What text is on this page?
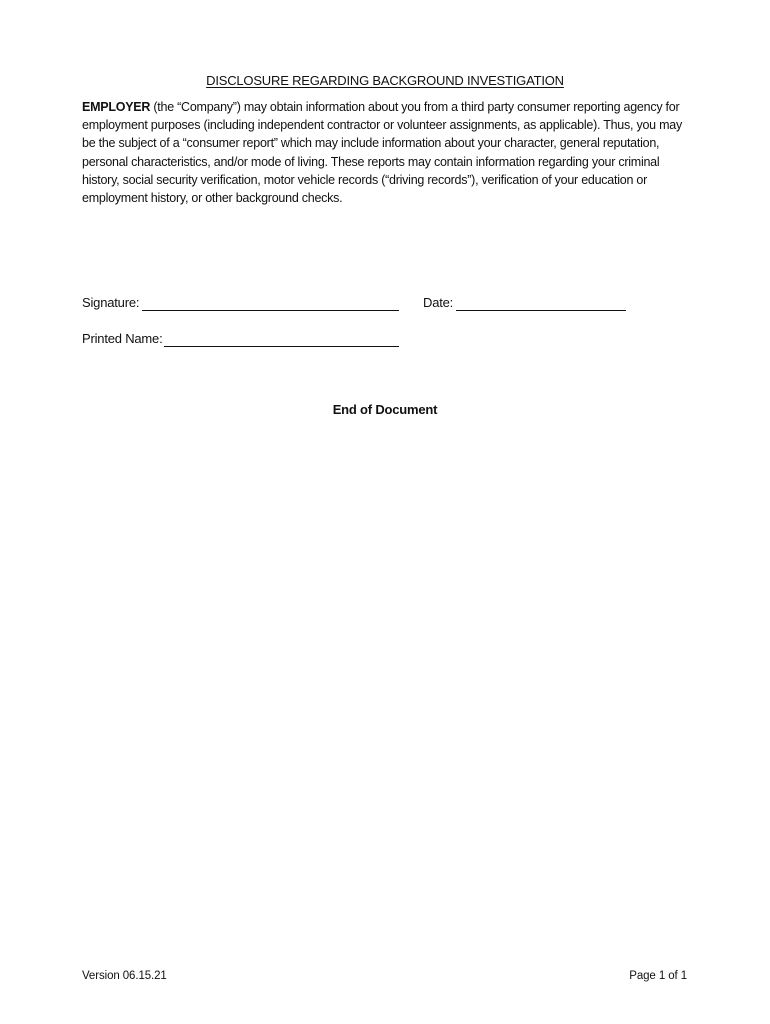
DISCLOSURE REGARDING BACKGROUND INVESTIGATION

EMPLOYER (the “Company”) may obtain information about you from a third party consumer reporting agency for employment purposes (including independent contractor or volunteer assignments, as applicable). Thus, you may be the subject of a “consumer report” which may include information about your character, general reputation, personal characteristics, and/or mode of living. These reports may contain information regarding your criminal history, social security verification, motor vehicle records (“driving records”), verification of your education or employment history, or other background checks.

Signature:	Date:
Printed Name:
End of Document
Version 06.15.21	Page 1 of 1
